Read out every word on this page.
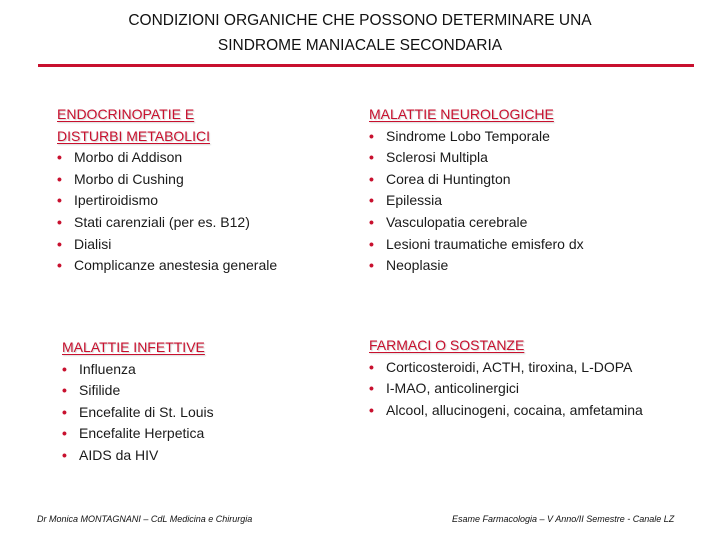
CONDIZIONI ORGANICHE CHE POSSONO DETERMINARE UNA
SINDROME MANIACALE SECONDARIA
ENDOCRINOPATIE E
DISTURBI METABOLICI
• Morbo di Addison
• Morbo di Cushing
• Ipertiroidismo
• Stati carenziali (per es. B12)
• Dialisi
• Complicanze anestesia generale
MALATTIE NEUROLOGICHE
• Sindrome Lobo Temporale
• Sclerosi Multipla
• Corea di Huntington
• Epilessia
• Vasculopatia cerebrale
• Lesioni traumatiche emisfero dx
• Neoplasie
MALATTIE INFETTIVE
• Influenza
• Sifilide
• Encefalite di St. Louis
• Encefalite Herpetica
• AIDS da HIV
FARMACI O SOSTANZE
• Corticosteroidi, ACTH, tiroxina, L-DOPA
• I-MAO, anticolinergici
• Alcool, allucinogeni, cocaina, amfetamina
Dr Monica MONTAGNANI – CdL Medicina e Chirurgia	Esame Farmacologia – V Anno/II Semestre - Canale LZ
